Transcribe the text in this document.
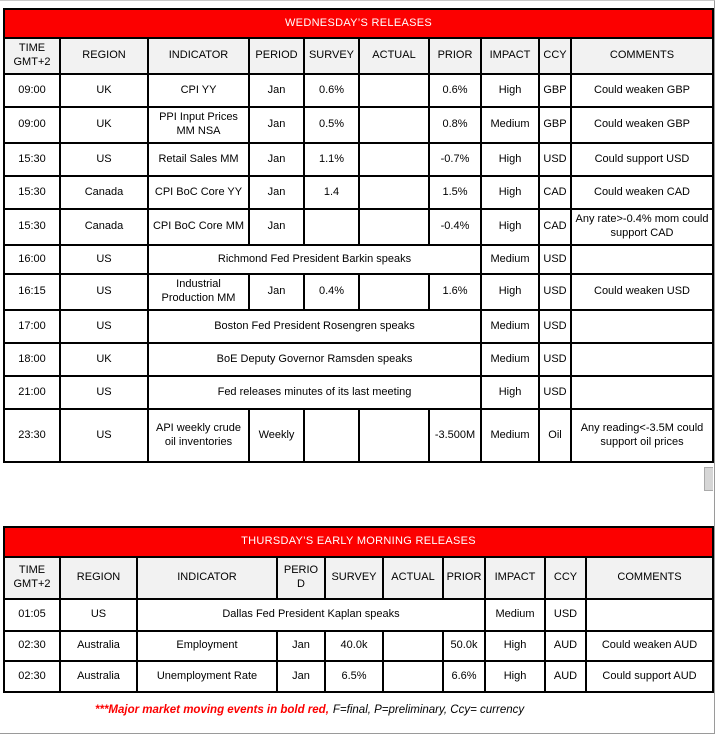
WEDNESDAY’S RELEASES									
TIME GMT+2	REGION	INDICATOR	PERIOD	SURVEY	ACTUAL	PRIOR	IMPACT	CCY	COMMENTS
09:00	UK	CPI YY	Jan	0.6%		0.6%	High	GBP	Could weaken GBP
09:00	UK	PPI Input Prices MM NSA	Jan	0.5%		0.8%	Medium	GBP	Could weaken GBP
15:30	US	Retail Sales MM	Jan	1.1%		-0.7%	High	USD	Could support USD
15:30	Canada	CPI BoC Core YY	Jan	1.4		1.5%	High	CAD	Could weaken CAD
15:30	Canada	CPI BoC Core MM	Jan			-0.4%	High	CAD	Any rate>-0.4% mom could support CAD
16:00	US	Richmond Fed President Barkin speaks					Medium	USD	
16:15	US	Industrial Production MM	Jan	0.4%		1.6%	High	USD	Could weaken USD
17:00	US	Boston Fed President Rosengren speaks					Medium	USD	
18:00	UK	BoE Deputy Governor Ramsden speaks					Medium	USD	
21:00	US	Fed releases minutes of its last meeting					High	USD	
23:30	US	API weekly crude oil inventories	Weekly			-3.500M	Medium	Oil	Any reading<-3.5M could support oil prices
THURSDAY’S EARLY MORNING RELEASES									
TIME GMT+2	REGION	INDICATOR	PERIOD	SURVEY	ACTUAL	PRIOR	IMPACT	CCY	COMMENTS
01:05	US	Dallas Fed President Kaplan speaks					Medium	USD	
02:30	Australia	Employment	Jan	40.0k		50.0k	High	AUD	Could weaken AUD
02:30	Australia	Unemployment Rate	Jan	6.5%		6.6%	High	AUD	Could support AUD
***Major market moving events in bold red, F=final, P=preliminary, Ccy= currency
